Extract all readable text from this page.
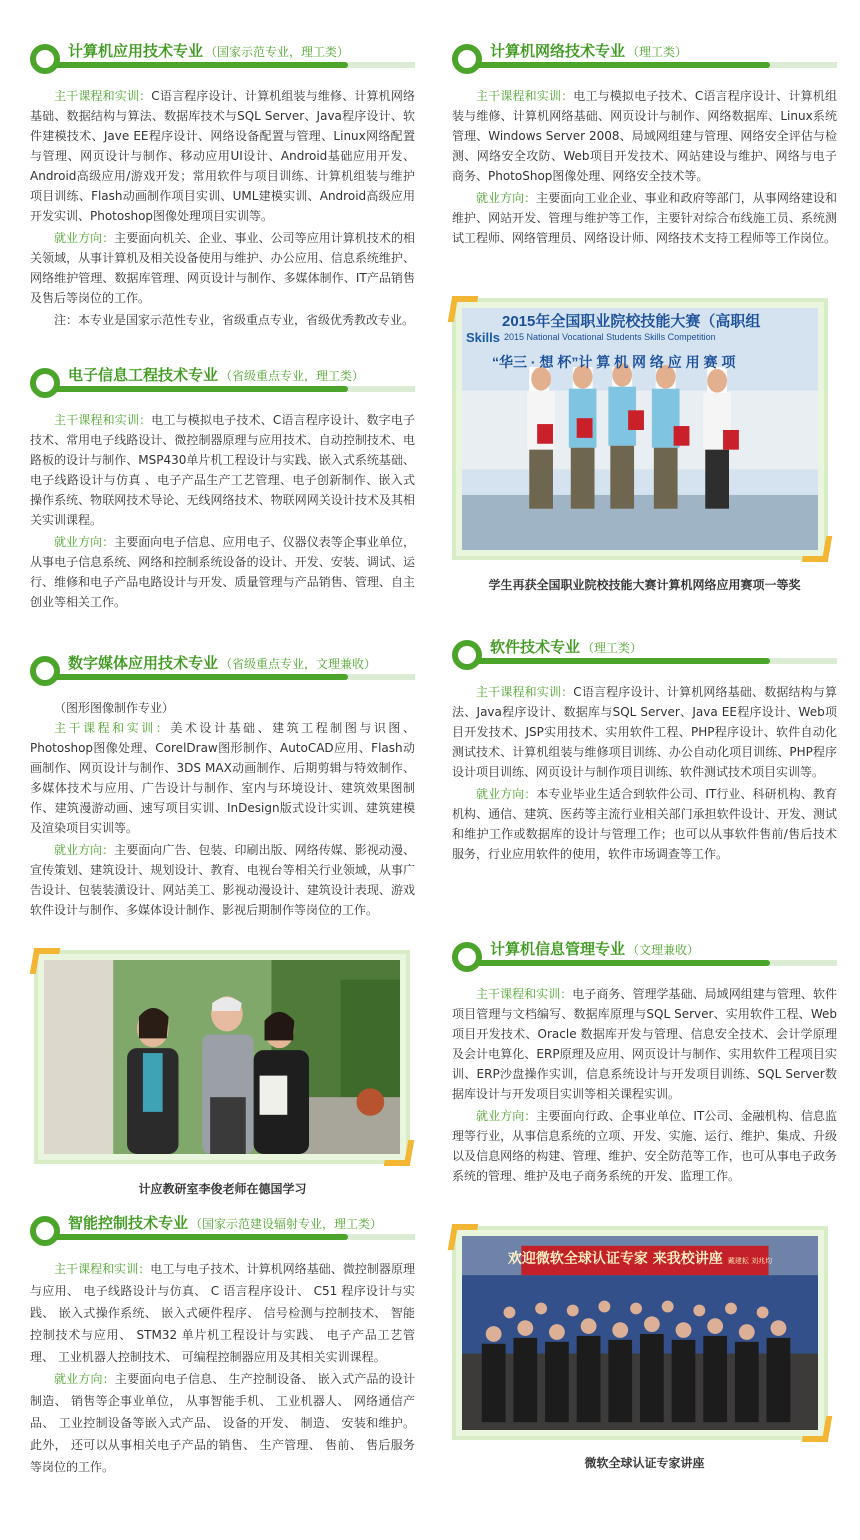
计算机应用技术专业 （国家示范专业，理工类）

主干课程和实训：C语言程序设计、计算机组装与维修、计算机网络基础、数据结构与算法、数据库技术与SQL Server、Java程序设计、软件建模技术、Jave EE程序设计、网络设备配置与管理、Linux网络配置与管理、网页设计与制作、移动应用UI设计、Android基础应用开发、Android高级应用/游戏开发；常用软件与项目训练、计算机组装与维护项目训练、Flash动画制作项目实训、UML建模实训、Android高级应用开发实训、Photoshop图像处理项目实训等。

就业方向：主要面向机关、企业、事业、公司等应用计算机技术的相关领域，从事计算机及相关设备使用与维护、办公应用、信息系统维护、网络维护管理、数据库管理、网页设计与制作、多媒体制作、IT产品销售及售后等岗位的工作。

注：本专业是国家示范性专业，省级重点专业，省级优秀教改专业。

电子信息工程技术专业 （省级重点专业，理工类）

主干课程和实训：电工与模拟电子技术、C语言程序设计、数字电子技术、常用电子线路设计、微控制器原理与应用技术、自动控制技术、电路板的设计与制作、MSP430单片机工程设计与实践、嵌入式系统基础、电子线路设计与仿真 、电子产品生产工艺管理、电子创新制作、嵌入式操作系统、物联网技术导论、无线网络技术、物联网网关设计技术及其相关实训课程。

就业方向：主要面向电子信息、应用电子、仪器仪表等企事业单位，从事电子信息系统、网络和控制系统设备的设计、开发、安装、调试、运行、维修和电子产品电路设计与开发、质量管理与产品销售、管理、自主创业等相关工作。

数字媒体应用技术专业 （省级重点专业，文理兼收）

（图形图像制作专业）

主干课程和实训：美术设计基础、建筑工程制图与识图、Photoshop图像处理、CorelDraw图形制作、AutoCAD应用、Flash动画制作、网页设计与制作、3DS MAX动画制作、后期剪辑与特效制作、多媒体技术与应用、广告设计与制作、室内与环境设计、建筑效果图制作、建筑漫游动画、速写项目实训、InDesign版式设计实训、建筑建模及渲染项目实训等。

就业方向：主要面向广告、包装、印刷出版、网络传媒、影视动漫、宣传策划、建筑设计、规划设计、教育、电视台等相关行业领域，从事广告设计、包装装潢设计、网站美工、影视动漫设计、建筑设计表现、游戏软件设计与制作、多媒体设计制作、影视后期制作等岗位的工作。

计应教研室李俊老师在德国学习
智能控制技术专业 （国家示范建设辐射专业，理工类）

主干课程和实训：电工与电子技术、计算机网络基础、微控制器原理与应用、 电子线路设计与仿真、 C 语言程序设计、 C51 程序设计与实践、 嵌入式操作系统、 嵌入式硬件程序、 信号检测与控制技术、 智能控制技术与应用、 STM32 单片机工程设计与实践、 电子产品工艺管理、 工业机器人控制技术、 可编程控制器应用及其相关实训课程。

就业方向：主要面向电子信息、 生产控制设备、 嵌入式产品的设计制造、 销售等企事业单位， 从事智能手机、 工业机器人、 网络通信产品、 工业控制设备等嵌入式产品、 设备的开发、 制造、 安装和维护。 此外， 还可以从事相关电子产品的销售、 生产管理、 售前、 售后服务等岗位的工作。

计算机网络技术专业 （理工类）

主干课程和实训：电工与模拟电子技术、C语言程序设计、计算机组装与维修、计算机网络基础、网页设计与制作、网络数据库、Linux系统管理、Windows Server 2008、局域网组建与管理、网络安全评估与检测、网络安全攻防、Web项目开发技术、网站建设与维护、网络与电子商务、PhotoShop图像处理、网络安全技术等。

就业方向：主要面向工业企业、事业和政府等部门，从事网络建设和维护、网站开发、管理与维护等工作，主要针对综合布线施工员、系统测试工程师、网络管理员、网络设计师、网络技术支持工程师等工作岗位。

Skills
2015年全国职业院校技能大赛（高职组
2015 National Vocational Students Skills Competition
“华三 · 想 杯”计 算 机 网 络 应 用 赛 项
学生再获全国职业院校技能大赛计算机网络应用赛项一等奖
软件技术专业 （理工类）

主干课程和实训：C语言程序设计、计算机网络基础、数据结构与算法、Java程序设计、数据库与SQL Server、Java EE程序设计、Web项目开发技术、JSP实用技术、实用软件工程、PHP程序设计、软件自动化测试技术、计算机组装与维修项目训练、办公自动化项目训练、PHP程序设计项目训练、网页设计与制作项目训练、软件测试技术项目实训等。

就业方向：本专业毕业生适合到软件公司、IT行业、科研机构、教育机构、通信、建筑、医药等主流行业相关部门承担软件设计、开发、测试和维护工作或数据库的设计与管理工作；也可以从事软件售前/售后技术服务，行业应用软件的使用，软件市场调查等工作。

计算机信息管理专业 （文理兼收）

主干课程和实训：电子商务、管理学基础、局域网组建与管理、软件项目管理与文档编写、数据库原理与SQL Server、实用软件工程、Web项目开发技术、Oracle 数据库开发与管理、信息安全技术、会计学原理及会计电算化、ERP原理及应用、网页设计与制作、实用软件工程项目实训、ERP沙盘操作实训，信息系统设计与开发项目训练、SQL Server数据库设计与开发项目实训等相关课程实训。

就业方向：主要面向行政、企事业单位、IT公司、金融机构、信息监理等行业，从事信息系统的立项、开发、实施、运行、维护、集成、升级以及信息网络的构建、管理、维护、安全防范等工作，也可从事电子政务系统的管理、维护及电子商务系统的开发、监理工作。

欢迎微软全球认证专家 来我校讲座 戴建耘 刘兆均
微软全球认证专家讲座
